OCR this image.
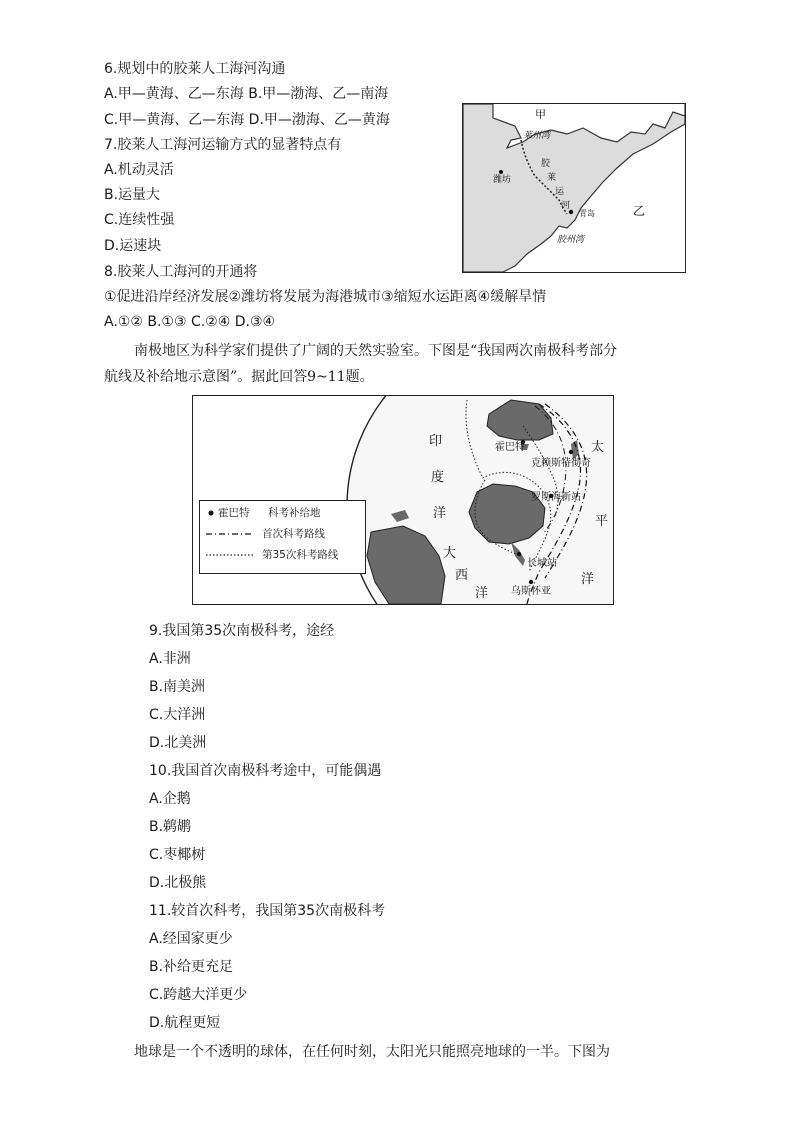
6.规划中的胶莱人工海河沟通
A.甲—黄海、乙—东海 B.甲—渤海、乙—南海
C.甲—黄海、乙—东海 D.甲—渤海、乙—黄海	甲
莱州湾
潍坊
胶
莱
运
河
青岛
胶州湾
乙
7.胶莱人工海河运输方式的显著特点有
A.机动灵活
B.运量大
C.连续性强
D.运速块
8.胶莱人工海河的开通将
①促进沿岸经济发展②潍坊将发展为海港城市③缩短水运距离④缓解旱情
A.①② B.①③ C.②④ D.③④
南极地区为科学家们提供了广阔的天然实验室。下图是“我国两次南极科考部分
航线及补给地示意图”。据此回答9~11题。
印
度
洋
太
平
洋
大
西
洋
霍巴特
克赖斯特彻奇
罗斯海新站
长城站
乌斯怀亚
霍巴特 科考补给地
首次科考路线
第35次科考路线
9.我国第35次南极科考，途经
A.非洲
B.南美洲
C.大洋洲
D.北美洲
10.我国首次南极科考途中，可能偶遇
A.企鹅
B.鹈鹕
C.枣椰树
D.北极熊
11.较首次科考，我国第35次南极科考
A.经国家更少
B.补给更充足
C.跨越大洋更少
D.航程更短
地球是一个不透明的球体，在任何时刻，太阳光只能照亮地球的一半。下图为
